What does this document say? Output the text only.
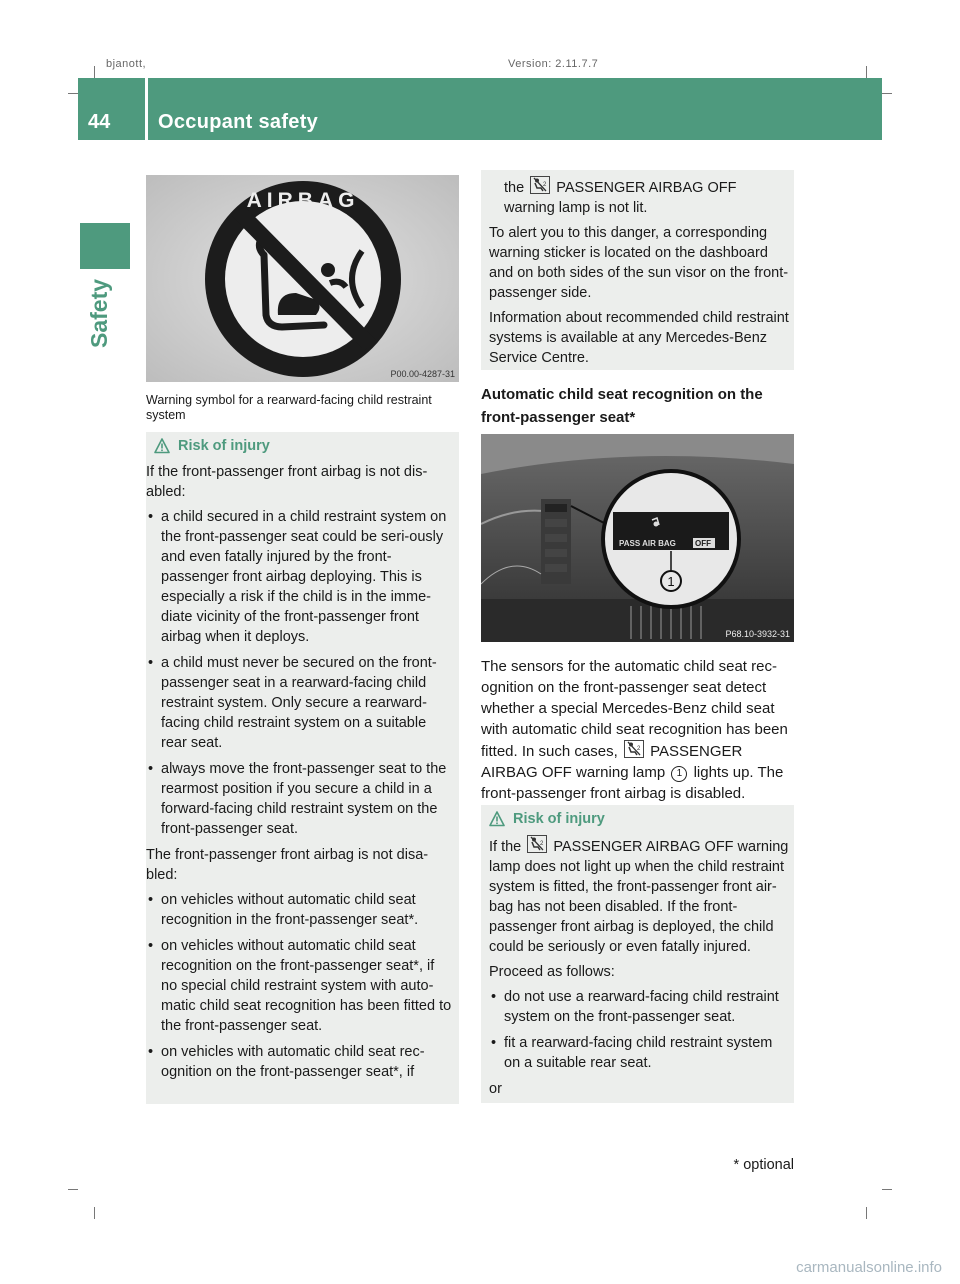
bjanott,	Version: 2.11.7.7
44 Occupant safety
Safety
AIRBAG
P00.00-4287-31
Warning symbol for a rearward-facing child restraint system
Risk of injury

If the front-passenger front airbag is not dis-abled:

• a child secured in a child restraint system on the front-passenger seat could be seri-ously and even fatally injured by the front-passenger front airbag deploying. This is especially a risk if the child is in the imme-diate vicinity of the front-passenger front airbag when it deploys.
• a child must never be secured on the front-passenger seat in a rearward-facing child restraint system. Only secure a rearward-facing child restraint system on a suitable rear seat.
• always move the front-passenger seat to the rearmost position if you secure a child in a forward-facing child restraint system on the front-passenger seat.

The front-passenger front airbag is not disa-bled:

• on vehicles without automatic child seat recognition in the front-passenger seat*.
• on vehicles without automatic child seat recognition on the front-passenger seat*, if no special child restraint system with auto-matic child seat recognition has been fitted to the front-passenger seat.
• on vehicles with automatic child seat rec-ognition on the front-passenger seat*, if

the	2 PASSENGER AIRBAG OFF warning lamp is not lit.

To alert you to this danger, a corresponding warning sticker is located on the dashboard and on both sides of the sun visor on the front-passenger side.

Information about recommended child restraint systems is available at any Mercedes-Benz Service Centre.

Automatic child seat recognition on the front-passenger seat*
PASS AIR BAG OFF
1
P68.10-3932-31
The sensors for the automatic child seat rec-ognition on the front-passenger seat detect whether a special Mercedes-Benz child seat with automatic child seat recognition has been fitted. In such cases,	2 PASSENGER AIRBAG OFF warning lamp 1 lights up. The front-passenger front airbag is disabled.
Risk of injury

If the	2 PASSENGER AIRBAG OFF warning lamp does not light up when the child restraint system is fitted, the front-passenger front air-bag has not been disabled. If the front-passenger front airbag is deployed, the child could be seriously or even fatally injured.

Proceed as follows:

• do not use a rearward-facing child restraint system on the front-passenger seat.
• fit a rearward-facing child restraint system on a suitable rear seat.

or

* optional
carmanualsonline.info
